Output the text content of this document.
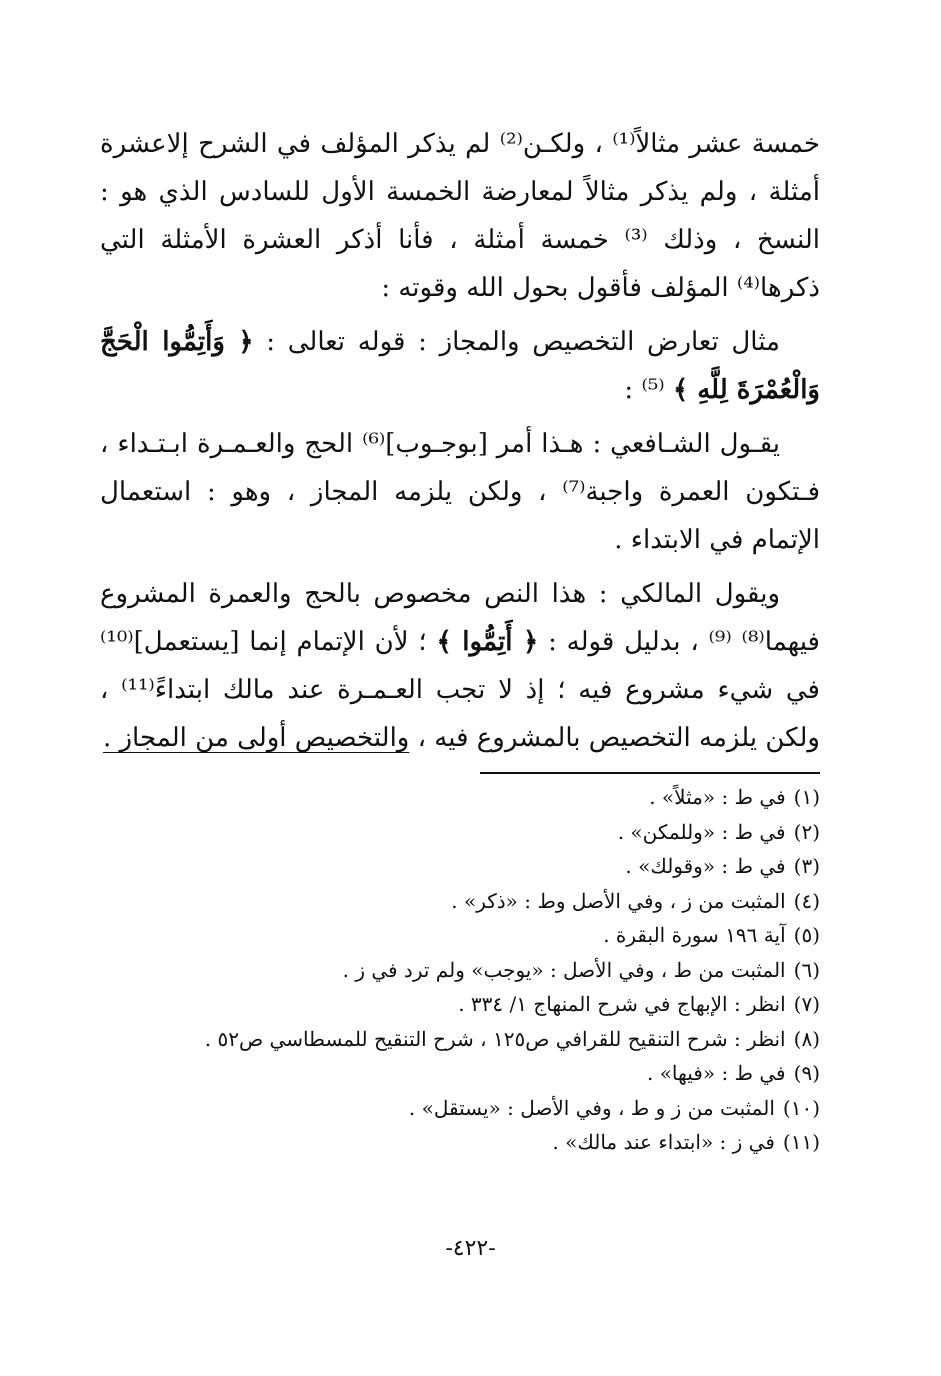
خمسة عشر مثالاً⁽¹⁾ ، ولكـن⁽²⁾ لم يذكر المؤلف في الشرح إلاعشرة أمثلة ، ولم يذكر مثالاً لمعارضة الخمسة الأول للسادس الذي هو : النسخ ، وذلك ⁽³⁾ خمسة أمثلة ، فأنا أذكر العشرة الأمثلة التي ذكرها⁽⁴⁾ المؤلف فأقول بحول الله وقوته :

مثال تعارض التخصيص والمجاز : قوله تعالى : ﴿ وَأَتِمُّوا الْحَجَّ وَالْعُمْرَةَ لِلَّهِ ﴾ ⁽⁵⁾ :

يقـول الشـافعي : هـذا أمر [بوجـوب]⁽⁶⁾ الحج والعـمـرة ابـتـداء ، فـتكون العمرة واجبة⁽⁷⁾ ، ولكن يلزمه المجاز ، وهو : استعمال الإتمام في الابتداء .

ويقول المالكي : هذا النص مخصوص بالحج والعمرة المشروع فيهما⁽⁸⁾ ⁽⁹⁾ ، بدليل قوله : ﴿ أَتِمُّوا ﴾ ؛ لأن الإتمام إنما [يستعمل]⁽¹⁰⁾ في شيء مشروع فيه ؛ إذ لا تجب العـمـرة عند مالك ابتداءً⁽¹¹⁾ ، ولكن يلزمه التخصيص بالمشروع فيه ، والتخصيص أولى من المجاز .

(١)في ط : «مثلاً» .
(٢)في ط : «وللمكن» .
(٣)في ط : «وقولك» .
(٤)المثبت من ز ، وفي الأصل وط : «ذكر» .
(٥)آية ١٩٦ سورة البقرة .
(٦)المثبت من ط ، وفي الأصل : «يوجب» ولم ترد في ز .
(٧)انظر : الإبهاج في شرح المنهاج ١/ ٣٣٤ .
(٨)انظر : شرح التنقيح للقرافي ص١٢٥ ، شرح التنقيح للمسطاسي ص٥٢ .
(٩)في ط : «فيها» .
(١٠)المثبت من ز و ط ، وفي الأصل : «يستقل» .
(١١)في ز : «ابتداء عند مالك» .
-٤٢٢-
